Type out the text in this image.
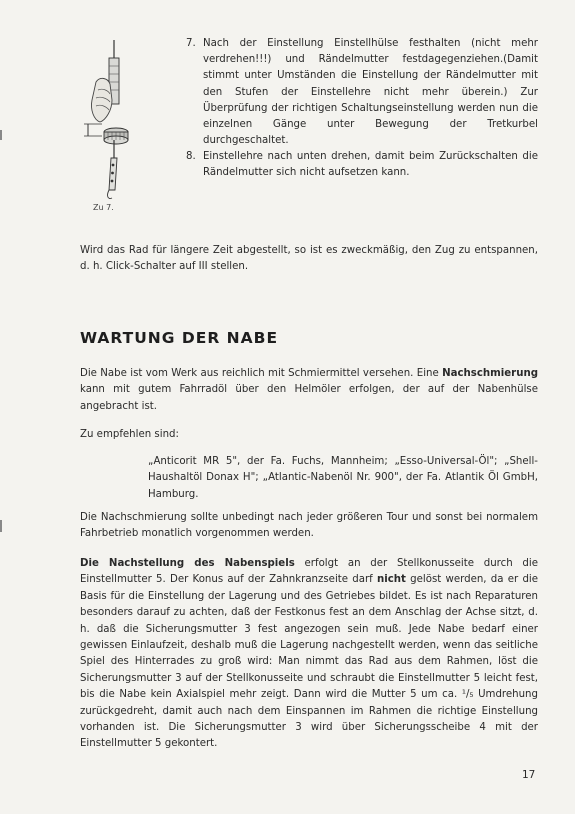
Zu 7.
7. Nach der Einstellung Einstellhülse festhalten (nicht mehr verdrehen!!!) und Rändelmutter festdagegenziehen.(Damit stimmt unter Umständen die Einstellung der Rändelmutter mit den Stufen der Einstellehre nicht mehr überein.) Zur Überprüfung der richtigen Schaltungseinstellung werden nun die einzelnen Gänge unter Bewegung der Tretkurbel durchgeschaltet.
8. Einstellehre nach unten drehen, damit beim Zurückschalten die Rändelmutter sich nicht aufsetzen kann.
Wird das Rad für längere Zeit abgestellt, so ist es zweckmäßig, den Zug zu entspannen, d. h. Click-Schalter auf III stellen.
WARTUNG DER NABE
Die Nabe ist vom Werk aus reichlich mit Schmiermittel versehen. Eine Nachschmierung kann mit gutem Fahrradöl über den Helmöler erfolgen, der auf der Nabenhülse angebracht ist.
Zu empfehlen sind:
„Anticorit MR 5", der Fa. Fuchs, Mannheim; „Esso-Universal-Öl"; „Shell-Haushaltöl Donax H"; „Atlantic-Nabenöl Nr. 900", der Fa. Atlantik Öl GmbH, Hamburg.
Die Nachschmierung sollte unbedingt nach jeder größeren Tour und sonst bei normalem Fahrbetrieb monatlich vorgenommen werden.
Die Nachstellung des Nabenspiels erfolgt an der Stellkonusseite durch die Einstellmutter 5. Der Konus auf der Zahnkranzseite darf nicht gelöst werden, da er die Basis für die Einstellung der Lagerung und des Getriebes bildet. Es ist nach Reparaturen besonders darauf zu achten, daß der Festkonus fest an dem Anschlag der Achse sitzt, d. h. daß die Sicherungsmutter 3 fest angezogen sein muß. Jede Nabe bedarf einer gewissen Einlaufzeit, deshalb muß die Lagerung nachgestellt werden, wenn das seitliche Spiel des Hinterrades zu groß wird: Man nimmt das Rad aus dem Rahmen, löst die Sicherungsmutter 3 auf der Stellkonusseite und schraubt die Einstellmutter 5 leicht fest, bis die Nabe kein Axialspiel mehr zeigt. Dann wird die Mutter 5 um ca. ¹/₅ Umdrehung zurückgedreht, damit auch nach dem Einspannen im Rahmen die richtige Einstellung vorhanden ist. Die Sicherungsmutter 3 wird über Sicherungsscheibe 4 mit der Einstellmutter 5 gekontert.
17
